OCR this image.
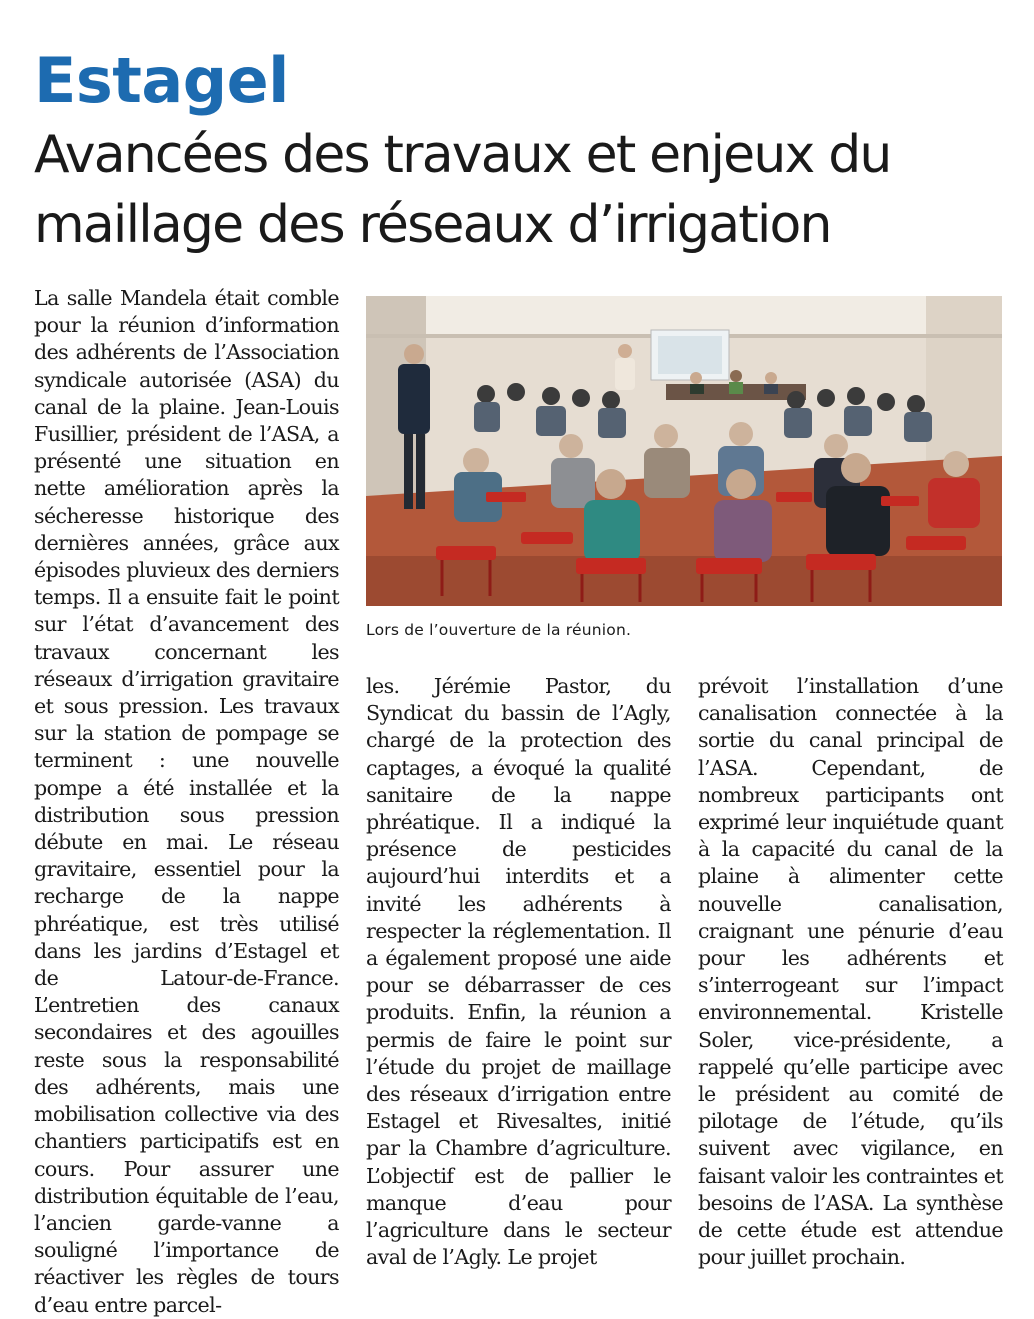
Estagel
Avancées des travaux et enjeux du maillage des réseaux d’irrigation

La salle Mandela était comble pour la réunion d’information des adhérents de l’Association syndicale autorisée (ASA) du canal de la plaine. Jean-Louis Fusillier, président de l’ASA, a présenté une situation en nette amélioration après la sécheresse historique des dernières années, grâce aux épisodes pluvieux des derniers temps. Il a ensuite fait le point sur l’état d’avancement des travaux concernant les réseaux d’irrigation gravitaire et sous pression. Les travaux sur la station de pompage se terminent : une nouvelle pompe a été installée et la distribution sous pression débute en mai. Le réseau gravitaire, essentiel pour la recharge de la nappe phréatique, est très utilisé dans les jardins d’Estagel et de Latour-de-France. L’entretien des canaux secondaires et des agouilles reste sous la responsabilité des adhérents, mais une mobilisation collective via des chantiers participatifs est en cours. Pour assurer une distribution équitable de l’eau, l’ancien garde-vanne a souligné l’importance de réactiver les règles de tours d’eau entre parcel-

Lors de l’ouverture de la réunion.

les. Jérémie Pastor, du Syndicat du bassin de l’Agly, chargé de la protection des captages, a évoqué la qualité sanitaire de la nappe phréatique. Il a indiqué la présence de pesticides aujourd’hui interdits et a invité les adhérents à respecter la réglementation. Il a également proposé une aide pour se débarrasser de ces produits. Enfin, la réunion a permis de faire le point sur l’étude du projet de maillage des réseaux d’irrigation entre Estagel et Rivesaltes, initié par la Chambre d’agriculture. L’objectif est de pallier le manque d’eau pour l’agriculture dans le secteur aval de l’Agly. Le projet

prévoit l’installation d’une canalisation connectée à la sortie du canal principal de l’ASA. Cependant, de nombreux participants ont exprimé leur inquiétude quant à la capacité du canal de la plaine à alimenter cette nouvelle canalisation, craignant une pénurie d’eau pour les adhérents et s’interrogeant sur l’impact environnemental. Kristelle Soler, vice-présidente, a rappelé qu’elle participe avec le président au comité de pilotage de l’étude, qu’ils suivent avec vigilance, en faisant valoir les contraintes et besoins de l’ASA. La synthèse de cette étude est attendue pour juillet prochain.
